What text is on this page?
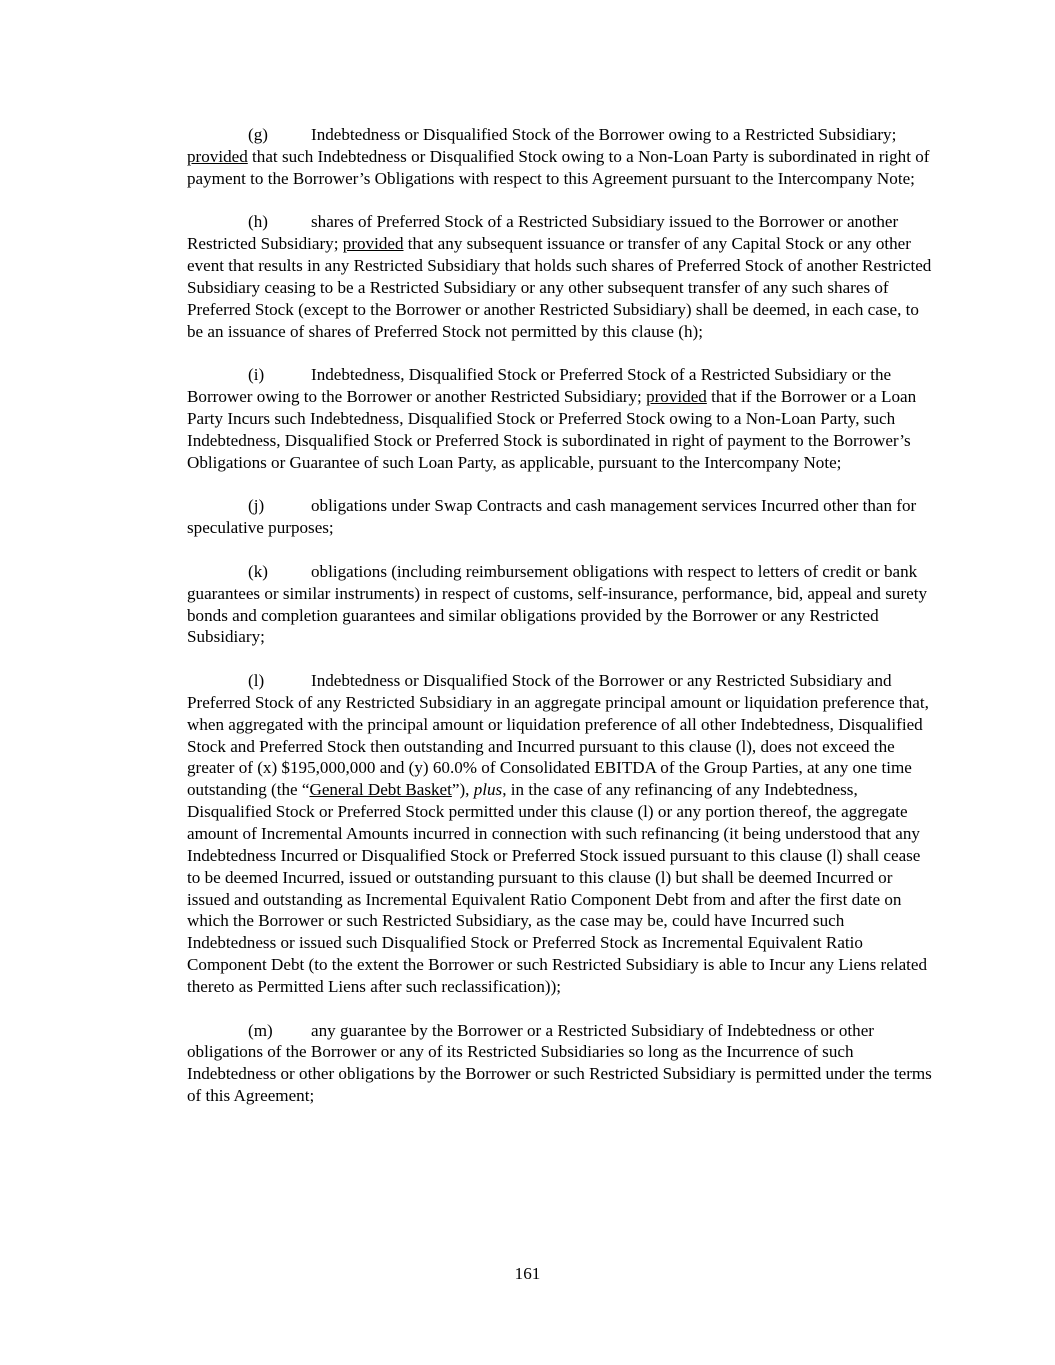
(g)	Indebtedness or Disqualified Stock of the Borrower owing to a Restricted Subsidiary; provided that such Indebtedness or Disqualified Stock owing to a Non-Loan Party is subordinated in right of payment to the Borrower’s Obligations with respect to this Agreement pursuant to the Intercompany Note;

(h)	shares of Preferred Stock of a Restricted Subsidiary issued to the Borrower or another Restricted Subsidiary; provided that any subsequent issuance or transfer of any Capital Stock or any other event that results in any Restricted Subsidiary that holds such shares of Preferred Stock of another Restricted Subsidiary ceasing to be a Restricted Subsidiary or any other subsequent transfer of any such shares of Preferred Stock (except to the Borrower or another Restricted Subsidiary) shall be deemed, in each case, to be an issuance of shares of Preferred Stock not permitted by this clause (h);

(i)	Indebtedness, Disqualified Stock or Preferred Stock of a Restricted Subsidiary or the Borrower owing to the Borrower or another Restricted Subsidiary; provided that if the Borrower or a Loan Party Incurs such Indebtedness, Disqualified Stock or Preferred Stock owing to a Non-Loan Party, such Indebtedness, Disqualified Stock or Preferred Stock is subordinated in right of payment to the Borrower’s Obligations or Guarantee of such Loan Party, as applicable, pursuant to the Intercompany Note;

(j)	obligations under Swap Contracts and cash management services Incurred other than for speculative purposes;

(k)	obligations (including reimbursement obligations with respect to letters of credit or bank guarantees or similar instruments) in respect of customs, self-insurance, performance, bid, appeal and surety bonds and completion guarantees and similar obligations provided by the Borrower or any Restricted Subsidiary;

(l)	Indebtedness or Disqualified Stock of the Borrower or any Restricted Subsidiary and Preferred Stock of any Restricted Subsidiary in an aggregate principal amount or liquidation preference that, when aggregated with the principal amount or liquidation preference of all other Indebtedness, Disqualified Stock and Preferred Stock then outstanding and Incurred pursuant to this clause (l), does not exceed the greater of (x) $195,000,000 and (y) 60.0% of Consolidated EBITDA of the Group Parties, at any one time outstanding (the “General Debt Basket”), plus, in the case of any refinancing of any Indebtedness, Disqualified Stock or Preferred Stock permitted under this clause (l) or any portion thereof, the aggregate amount of Incremental Amounts incurred in connection with such refinancing (it being understood that any Indebtedness Incurred or Disqualified Stock or Preferred Stock issued pursuant to this clause (l) shall cease to be deemed Incurred, issued or outstanding pursuant to this clause (l) but shall be deemed Incurred or issued and outstanding as Incremental Equivalent Ratio Component Debt from and after the first date on which the Borrower or such Restricted Subsidiary, as the case may be, could have Incurred such Indebtedness or issued such Disqualified Stock or Preferred Stock as Incremental Equivalent Ratio Component Debt (to the extent the Borrower or such Restricted Subsidiary is able to Incur any Liens related thereto as Permitted Liens after such reclassification));

(m) any guarantee by the Borrower or a Restricted Subsidiary of Indebtedness or other obligations of the Borrower or any of its Restricted Subsidiaries so long as the Incurrence of such Indebtedness or other obligations by the Borrower or such Restricted Subsidiary is permitted under the terms of this Agreement;

161
